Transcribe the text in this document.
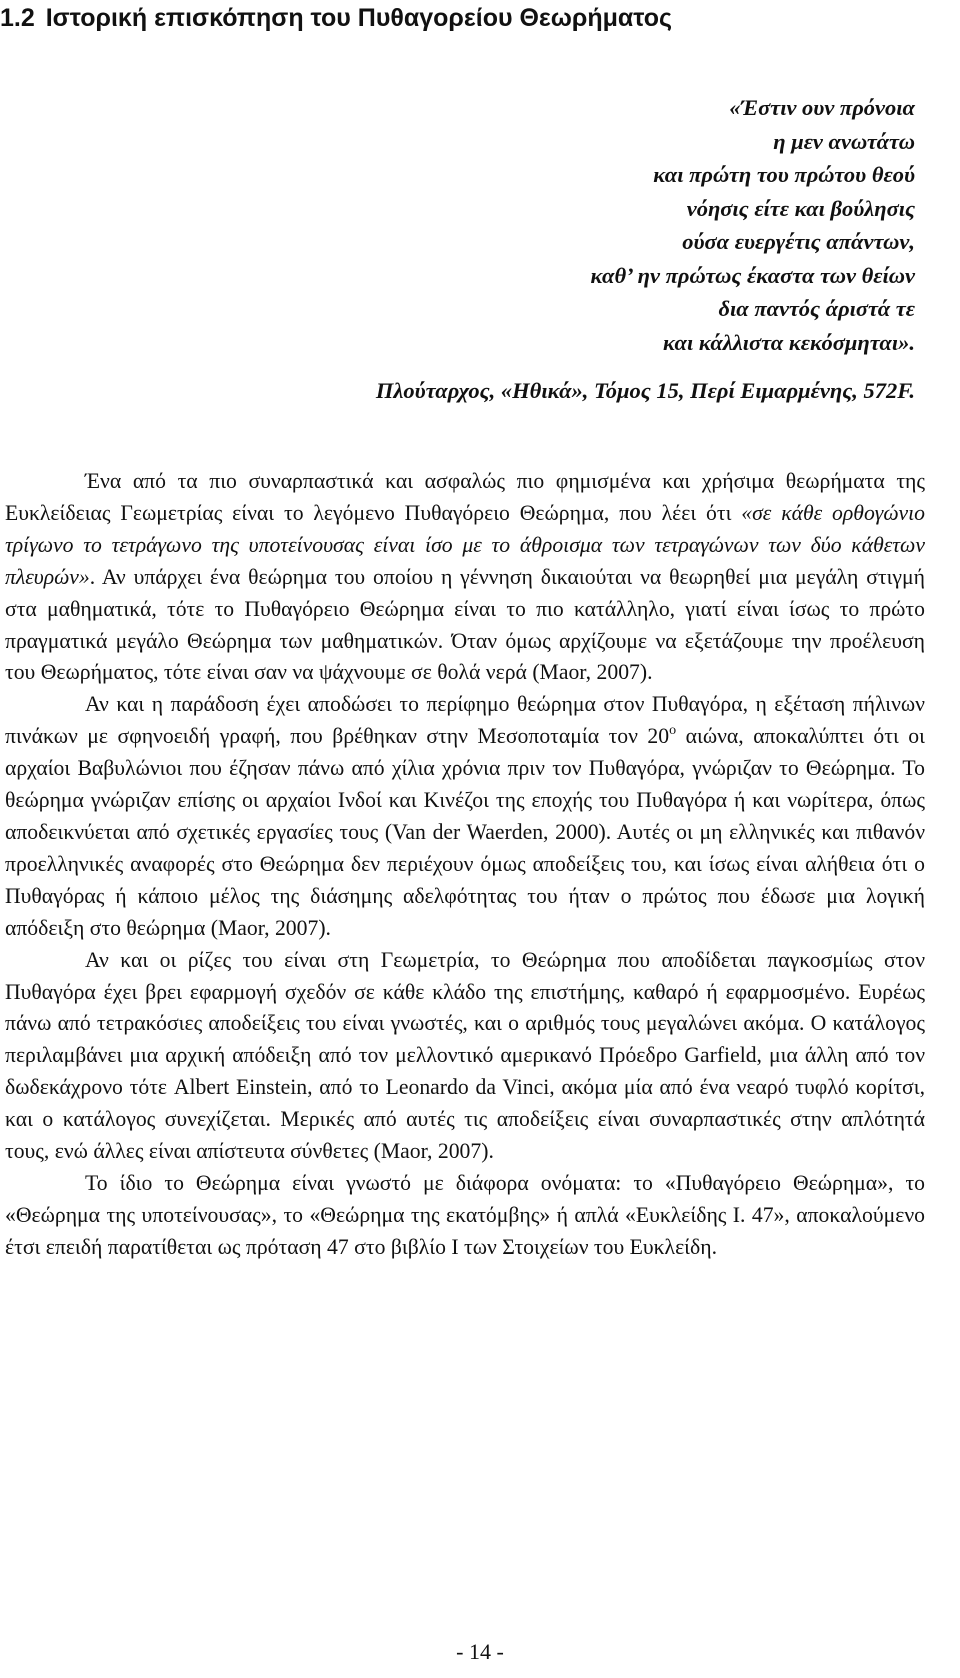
1.2 Ιστορική επισκόπηση του Πυθαγορείου Θεωρήματος
«Έστιν ουν πρόνοια
η μεν ανωτάτω
και πρώτη του πρώτου θεού
νόησις είτε και βούλησις
ούσα ευεργέτις απάντων,
καθ’ ην πρώτως έκαστα των θείων
δια παντός άριστά τε
και κάλλιστα κεκόσμηται».
Πλούταρχος, «Ηθικά», Τόμος 15, Περί Ειμαρμένης, 572F.

Ένα από τα πιο συναρπαστικά και ασφαλώς πιο φημισμένα και χρήσιμα θεωρήματα της Ευκλείδειας Γεωμετρίας είναι το λεγόμενο Πυθαγόρειο Θεώρημα, που λέει ότι «σε κάθε ορθογώνιο τρίγωνο το τετράγωνο της υποτείνουσας είναι ίσο με το άθροισμα των τετραγώνων των δύο κάθετων πλευρών». Αν υπάρχει ένα θεώρημα του οποίου η γέννηση δικαιούται να θεωρηθεί μια μεγάλη στιγμή στα μαθηματικά, τότε το Πυθαγόρειο Θεώρημα είναι το πιο κατάλληλο, γιατί είναι ίσως το πρώτο πραγματικά μεγάλο Θεώρημα των μαθηματικών. Όταν όμως αρχίζουμε να εξετάζουμε την προέλευση του Θεωρήματος, τότε είναι σαν να ψάχνουμε σε θολά νερά (Maor, 2007).

Αν και η παράδοση έχει αποδώσει το περίφημο θεώρημα στον Πυθαγόρα, η εξέταση πήλινων πινάκων με σφηνοειδή γραφή, που βρέθηκαν στην Μεσοποταμία τον $20^o$ αιώνα, αποκαλύπτει ότι οι αρχαίοι Βαβυλώνιοι που έζησαν πάνω από χίλια χρόνια πριν τον Πυθαγόρα, γνώριζαν το Θεώρημα. Το θεώρημα γνώριζαν επίσης οι αρχαίοι Ινδοί και Κινέζοι της εποχής του Πυθαγόρα ή και νωρίτερα, όπως αποδεικνύεται από σχετικές εργασίες τους (Van der Waerden, 2000). Αυτές οι μη ελληνικές και πιθανόν προελληνικές αναφορές στο Θεώρημα δεν περιέχουν όμως αποδείξεις του, και ίσως είναι αλήθεια ότι ο Πυθαγόρας ή κάποιο μέλος της διάσημης αδελφότητας του ήταν ο πρώτος που έδωσε μια λογική απόδειξη στο θεώρημα (Maor, 2007).

Αν και οι ρίζες του είναι στη Γεωμετρία, το Θεώρημα που αποδίδεται παγκοσμίως στον Πυθαγόρα έχει βρει εφαρμογή σχεδόν σε κάθε κλάδο της επιστήμης, καθαρό ή εφαρμοσμένο. Ευρέως πάνω από τετρακόσιες αποδείξεις του είναι γνωστές, και ο αριθμός τους μεγαλώνει ακόμα. Ο κατάλογος περιλαμβάνει μια αρχική απόδειξη από τον μελλοντικό αμερικανό Πρόεδρο Garfield, μια άλλη από τον δωδεκάχρονο τότε Albert Einstein, από το Leonardo da Vinci, ακόμα μία από ένα νεαρό τυφλό κορίτσι, και ο κατάλογος συνεχίζεται. Μερικές από αυτές τις αποδείξεις είναι συναρπαστικές στην απλότητά τους, ενώ άλλες είναι απίστευτα σύνθετες (Maor, 2007).

Το ίδιο το Θεώρημα είναι γνωστό με διάφορα ονόματα: το «Πυθαγόρειο Θεώρημα», το «Θεώρημα της υποτείνουσας», το «Θεώρημα της εκατόμβης» ή απλά «Ευκλείδης Ι. 47», αποκαλούμενο έτσι επειδή παρατίθεται ως πρόταση 47 στο βιβλίο Ι των Στοιχείων του Ευκλείδη.

- 14 -
